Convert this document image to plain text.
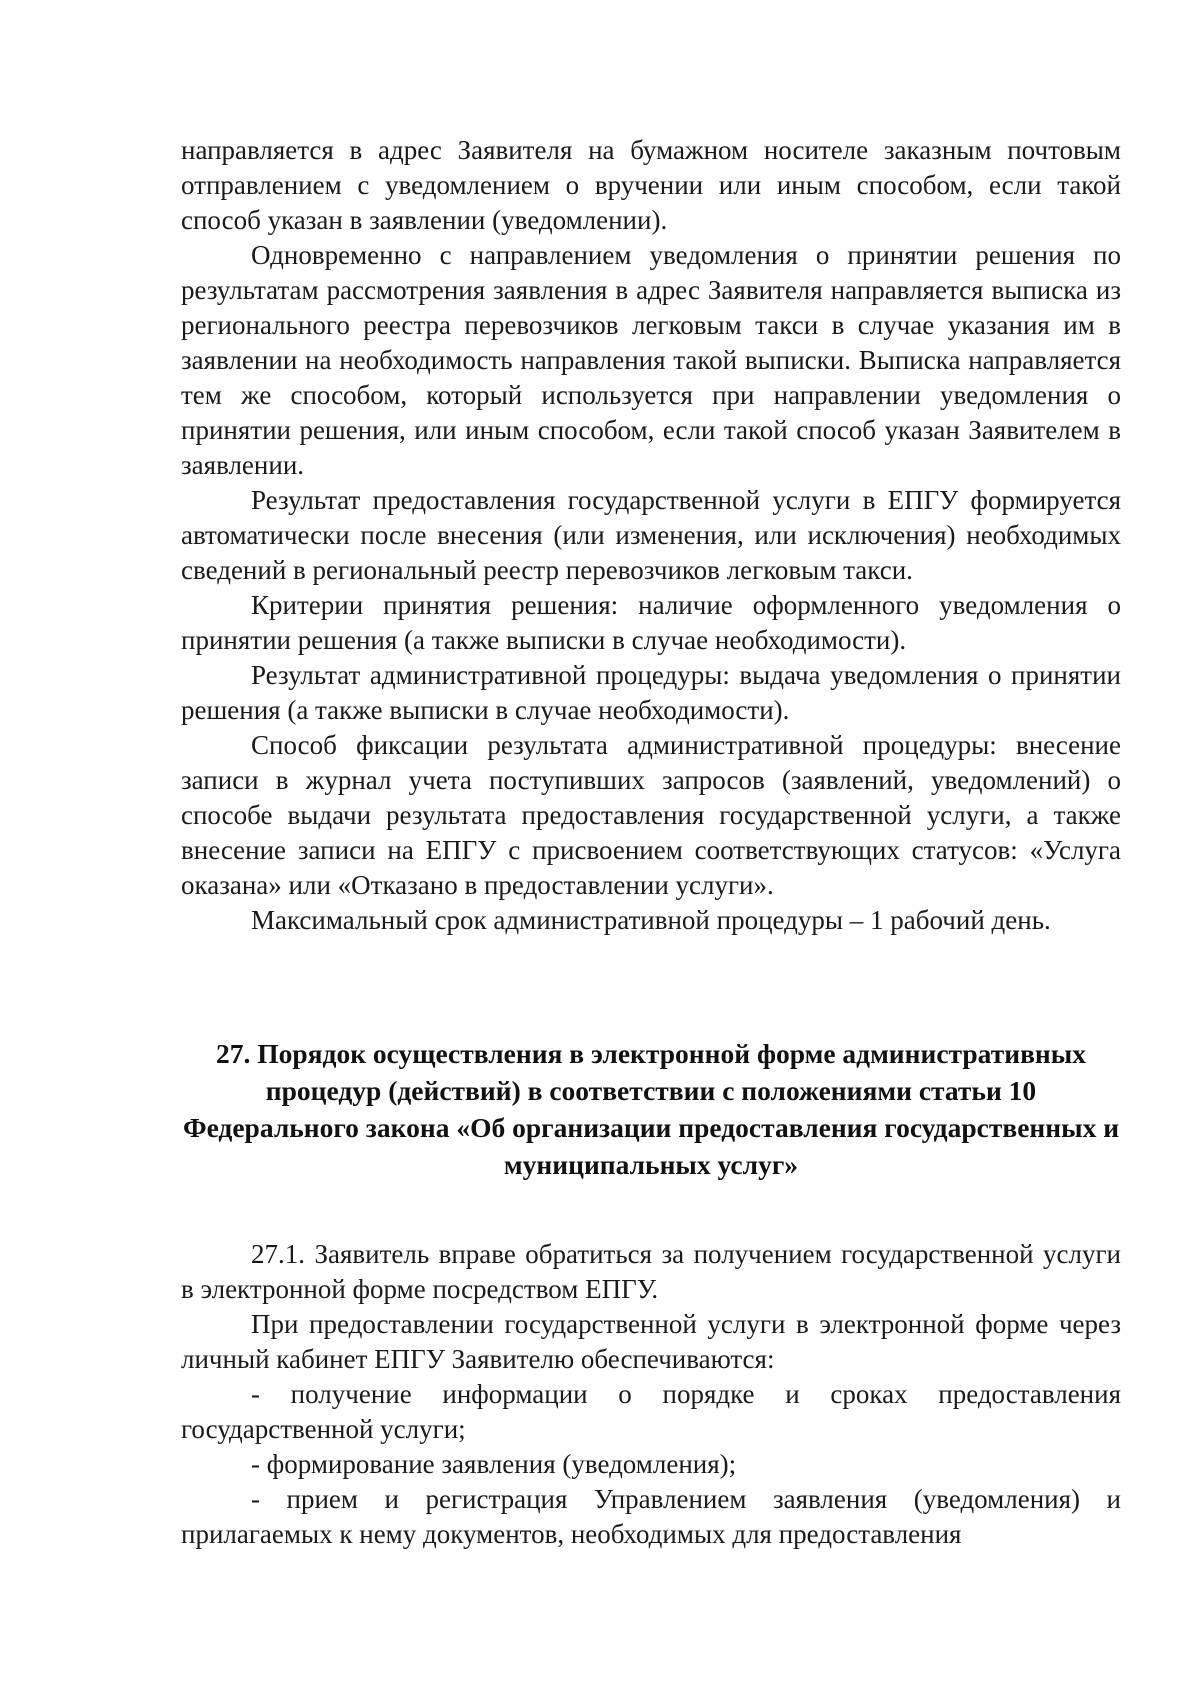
направляется в адрес Заявителя на бумажном носителе заказным почтовым отправлением с уведомлением о вручении или иным способом, если такой способ указан в заявлении (уведомлении).

Одновременно с направлением уведомления о принятии решения по результатам рассмотрения заявления в адрес Заявителя направляется выписка из регионального реестра перевозчиков легковым такси в случае указания им в заявлении на необходимость направления такой выписки. Выписка направляется тем же способом, который используется при направлении уведомления о принятии решения, или иным способом, если такой способ указан Заявителем в заявлении.

Результат предоставления государственной услуги в ЕПГУ формируется автоматически после внесения (или изменения, или исключения) необходимых сведений в региональный реестр перевозчиков легковым такси.

Критерии принятия решения: наличие оформленного уведомления о принятии решения (а также выписки в случае необходимости).

Результат административной процедуры: выдача уведомления о принятии решения (а также выписки в случае необходимости).

Способ фиксации результата административной процедуры: внесение записи в журнал учета поступивших запросов (заявлений, уведомлений) о способе выдачи результата предоставления государственной услуги, а также внесение записи на ЕПГУ с присвоением соответствующих статусов: «Услуга оказана» или «Отказано в предоставлении услуги».

Максимальный срок административной процедуры – 1 рабочий день.

27. Порядок осуществления в электронной форме административных процедур (действий) в соответствии с положениями статьи 10 Федерального закона «Об организации предоставления государственных и муниципальных услуг»

27.1. Заявитель вправе обратиться за получением государственной услуги в электронной форме посредством ЕПГУ.

При предоставлении государственной услуги в электронной форме через личный кабинет ЕПГУ Заявителю обеспечиваются:

- получение информации о порядке и сроках предоставления государственной услуги;

- формирование заявления (уведомления);

- прием и регистрация Управлением заявления (уведомления) и прилагаемых к нему документов, необходимых для предоставления
